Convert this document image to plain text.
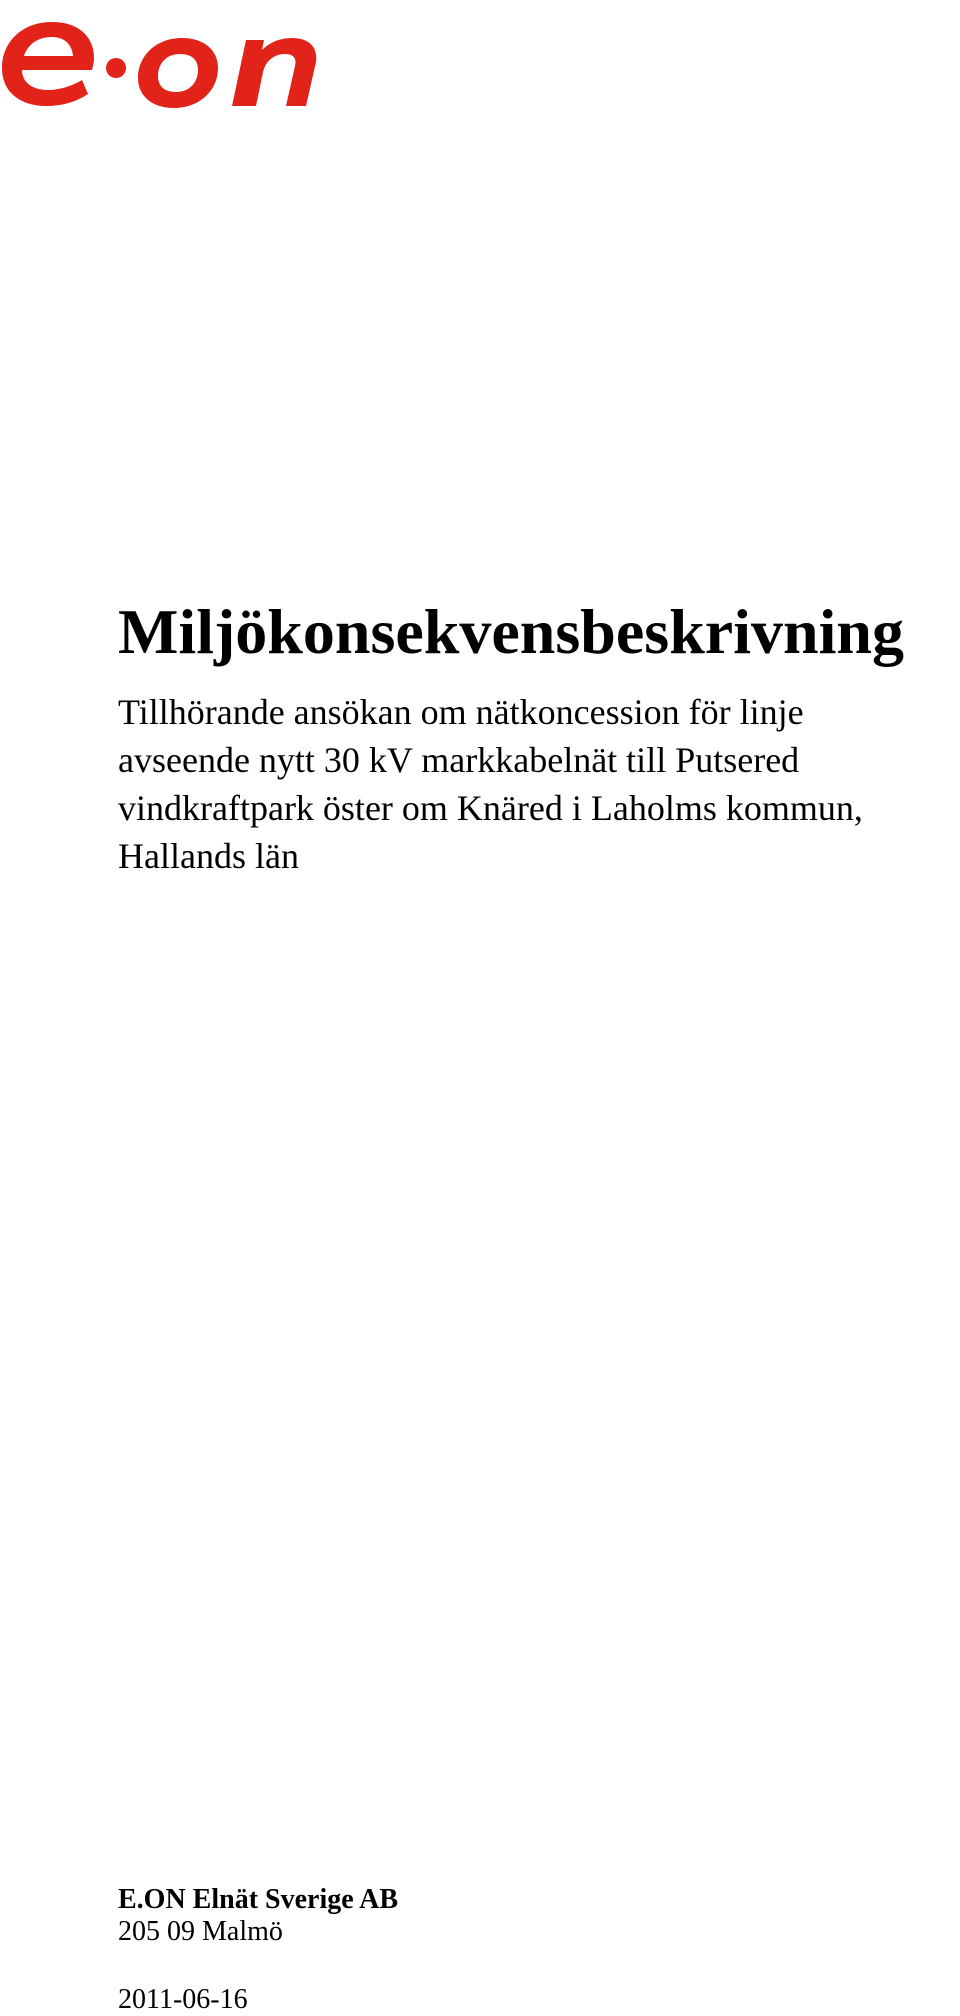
Miljökonsekvensbeskrivning
Tillhörande ansökan om nätkoncession för linje
avseende nytt 30 kV markkabelnät till Putsered
vindkraftpark öster om Knäred i Laholms kommun,
Hallands län
E.ON Elnät Sverige AB
205 09 Malmö
2011-06-16
